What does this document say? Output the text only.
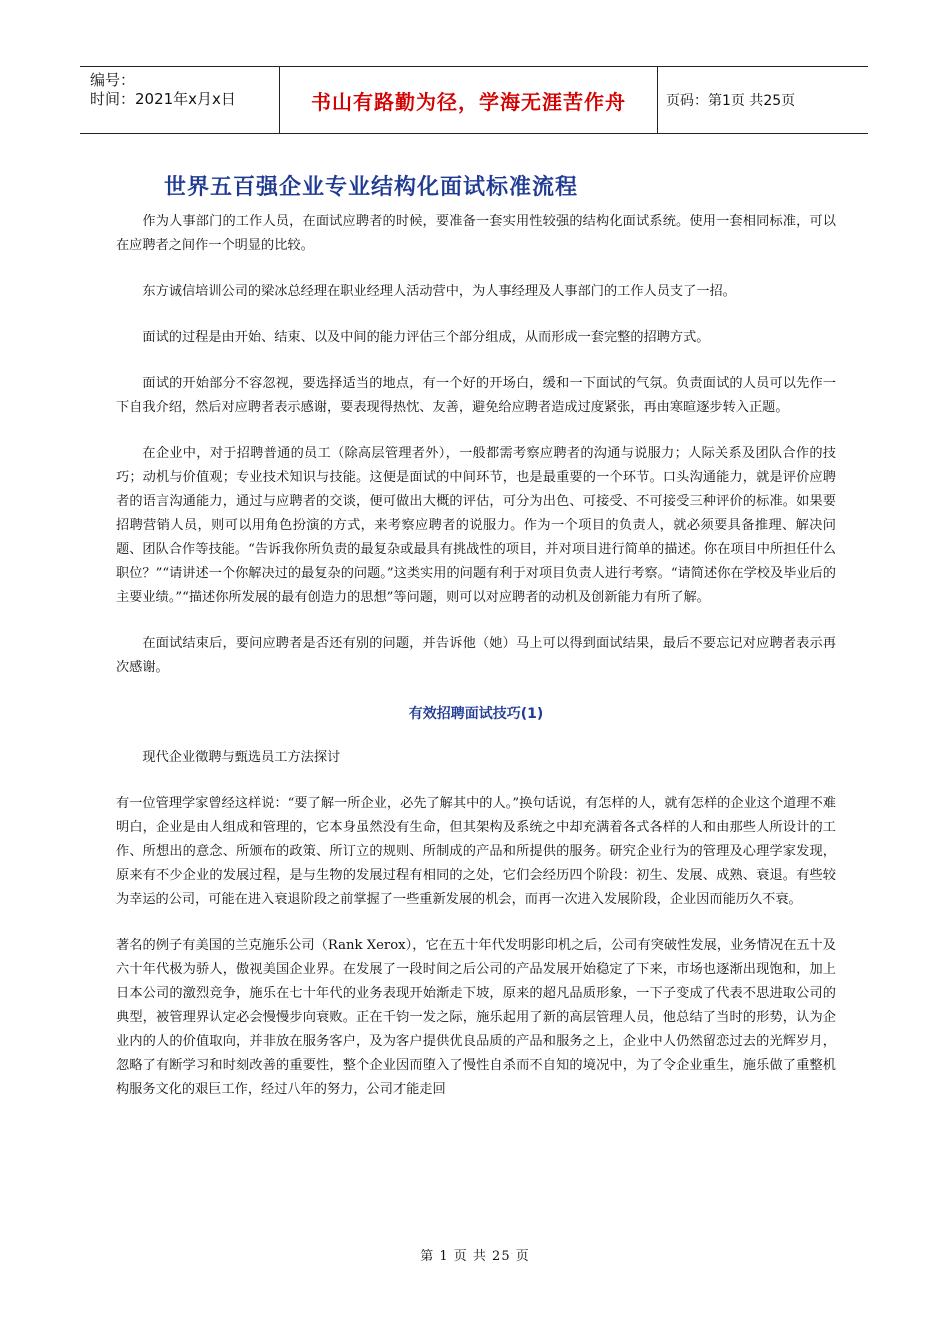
编号：
时间：2021年x月x日	书山有路勤为径，学海无涯苦作舟	页码：第1页 共25页
世界五百强企业专业结构化面试标准流程

作为人事部门的工作人员，在面试应聘者的时候，要准备一套实用性较强的结构化面试系统。使用一套相同标准，可以在应聘者之间作一个明显的比较。

东方诚信培训公司的梁冰总经理在职业经理人活动营中，为人事经理及人事部门的工作人员支了一招。

面试的过程是由开始、结束、以及中间的能力评估三个部分组成，从而形成一套完整的招聘方式。

面试的开始部分不容忽视，要选择适当的地点，有一个好的开场白，缓和一下面试的气氛。负责面试的人员可以先作一下自我介绍，然后对应聘者表示感谢，要表现得热忱、友善，避免给应聘者造成过度紧张，再由寒暄逐步转入正题。

在企业中，对于招聘普通的员工（除高层管理者外），一般都需考察应聘者的沟通与说服力；人际关系及团队合作的技巧；动机与价值观；专业技术知识与技能。这便是面试的中间环节，也是最重要的一个环节。口头沟通能力，就是评价应聘者的语言沟通能力，通过与应聘者的交谈，便可做出大概的评估，可分为出色、可接受、不可接受三种评价的标准。如果要招聘营销人员，则可以用角色扮演的方式，来考察应聘者的说服力。作为一个项目的负责人，就必须要具备推理、解决问题、团队合作等技能。“告诉我你所负责的最复杂或最具有挑战性的项目，并对项目进行简单的描述。你在项目中所担任什么职位？”“请讲述一个你解决过的最复杂的问题。”这类实用的问题有利于对项目负责人进行考察。“请简述你在学校及毕业后的主要业绩。”“描述你所发展的最有创造力的思想”等问题，则可以对应聘者的动机及创新能力有所了解。

在面试结束后，要问应聘者是否还有别的问题，并告诉他（她）马上可以得到面试结果，最后不要忘记对应聘者表示再次感谢。

有效招聘面试技巧(1)

现代企业徵聘与甄选员工方法探讨

有一位管理学家曾经这样说：“要了解一所企业，必先了解其中的人。”换句话说，有怎样的人，就有怎样的企业这个道理不难明白，企业是由人组成和管理的，它本身虽然没有生命，但其架构及系统之中却充满着各式各样的人和由那些人所设计的工作、所想出的意念、所颁布的政策、所订立的规则、所制成的产品和所提供的服务。研究企业行为的管理及心理学家发现，原来有不少企业的发展过程，是与生物的发展过程有相同的之处，它们会经历四个阶段：初生、发展、成熟、衰退。有些较为幸运的公司，可能在进入衰退阶段之前掌握了一些重新发展的机会，而再一次进入发展阶段，企业因而能历久不衰。

著名的例子有美国的兰克施乐公司（Rank Xerox），它在五十年代发明影印机之后，公司有突破性发展，业务情况在五十及六十年代极为骄人，傲视美国企业界。在发展了一段时间之后公司的产品发展开始稳定了下来，市场也逐渐出现饱和，加上日本公司的激烈竞争，施乐在七十年代的业务表现开始渐走下坡，原来的超凡品质形象，一下子变成了代表不思进取公司的典型，被管理界认定必会慢慢步向衰败。正在千钧一发之际，施乐起用了新的高层管理人员，他总结了当时的形势，认为企业内的人的价值取向，并非放在服务客户，及为客户提供优良品质的产品和服务之上，企业中人仍然留恋过去的光辉岁月，忽略了有断学习和时刻改善的重要性，整个企业因而堕入了慢性自杀而不自知的境况中，为了令企业重生，施乐做了重整机构服务文化的艰巨工作，经过八年的努力，公司才能走回

第 1 页 共 25 页
